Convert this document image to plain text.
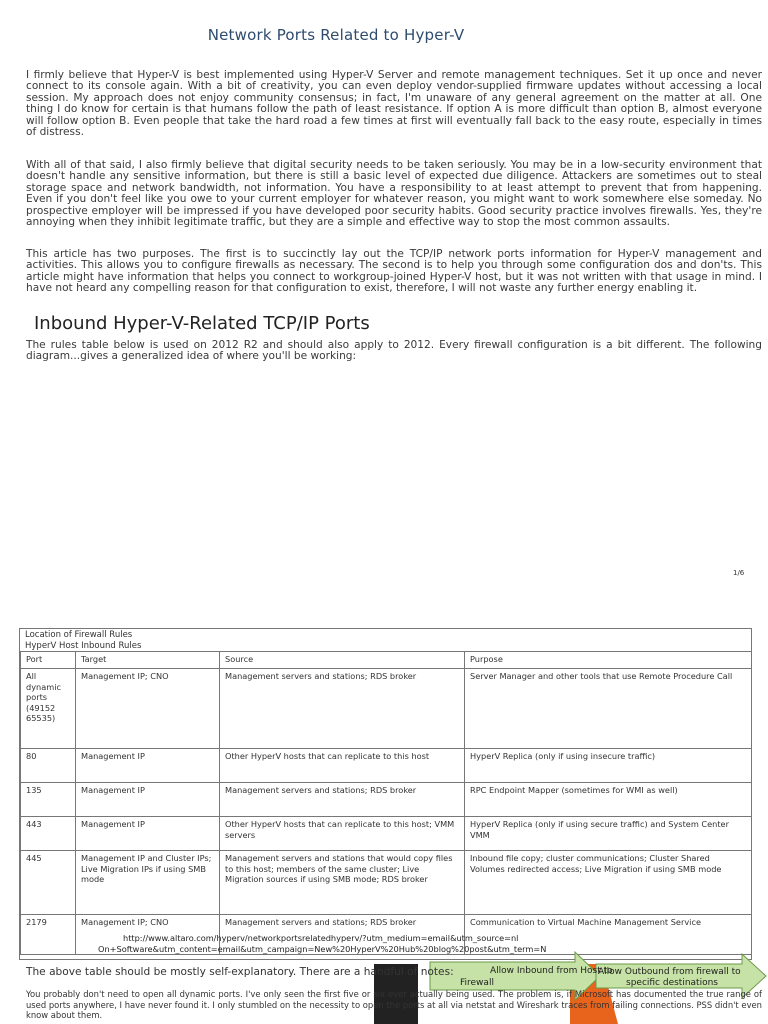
Network Ports Related to Hyper-V

I firmly believe that Hyper-V is best implemented using Hyper-V Server and remote management techniques. Set it up once and never connect to its console again. With a bit of creativity, you can even deploy vendor-supplied firmware updates without accessing a local session. My approach does not enjoy community consensus; in fact, I'm unaware of any general agreement on the matter at all. One thing I do know for certain is that humans follow the path of least resistance. If option A is more difficult than option B, almost everyone will follow option B. Even people that take the hard road a few times at first will eventually fall back to the easy route, especially in times of distress.

With all of that said, I also firmly believe that digital security needs to be taken seriously. You may be in a low-security environment that doesn't handle any sensitive information, but there is still a basic level of expected due diligence. Attackers are sometimes out to steal storage space and network bandwidth, not information. You have a responsibility to at least attempt to prevent that from happening. Even if you don't feel like you owe to your current employer for whatever reason, you might want to work somewhere else someday. No prospective employer will be impressed if you have developed poor security habits. Good security practice involves firewalls. Yes, they're annoying when they inhibit legitimate traffic, but they are a simple and effective way to stop the most common assaults.

This article has two purposes. The first is to succinctly lay out the TCP/IP network ports information for Hyper-V management and activities. This allows you to configure firewalls as necessary. The second is to help you through some configuration dos and don'ts. This article might have information that helps you connect to workgroup-joined Hyper-V host, but it was not written with that usage in mind. I have not heard any compelling reason for that configuration to exist, therefore, I will not waste any further energy enabling it.

Inbound Hyper-V-Related TCP/IP Ports

The rules table below is used on 2012 R2 and should also apply to 2012. Every firewall configuration is a bit different. The following diagram...gives a generalized idea of where you'll be working:

1/6
Location of Firewall Rules
HyperV Host Inbound Rules
Port	Target	Source	Purpose
All dynamic ports (49152 65535)	Management IP; CNO	Management servers and stations; RDS broker	Server Manager and other tools that use Remote Procedure Call
80	Management IP	Other HyperV hosts that can replicate to this host	HyperV Replica (only if using insecure traffic)
135	Management IP	Management servers and stations; RDS broker	RPC Endpoint Mapper (sometimes for WMI as well)
443	Management IP	Other HyperV hosts that can replicate to this host; VMM servers	HyperV Replica (only if using secure traffic) and System Center VMM
445	Management IP and Cluster IPs; Live Migration IPs if using SMB mode	Management servers and stations that would copy files to this host; members of the same cluster; Live Migration sources if using SMB mode; RDS broker	Inbound file copy; cluster communications; Cluster Shared Volumes redirected access; Live Migration if using SMB mode
2179	Management IP; CNO	Management servers and stations; RDS broker	Communication to Virtual Machine Management Service
http://www.altaro.com/hyperv/networkportsrelatedhyperv/?utm_medium=email&utm_source=nl
On+Software&utm_content=email&utm_campaign=New%20HyperV%20Hub%20blog%20post&utm_term=N
Allow Inbound from Host to
Firewall
Allow Outbound from firewall to
specific destinations
The above table should be mostly self-explanatory. There are a handful of notes:

You probably don't need to open all dynamic ports. I've only seen the first five or six ever actually being used. The problem is, if Microsoft has documented the true range of used ports anywhere, I have never found it. I only stumbled on the necessity to open the ports at all via netstat and Wireshark traces from failing connections. PSS didn't even know about them.
